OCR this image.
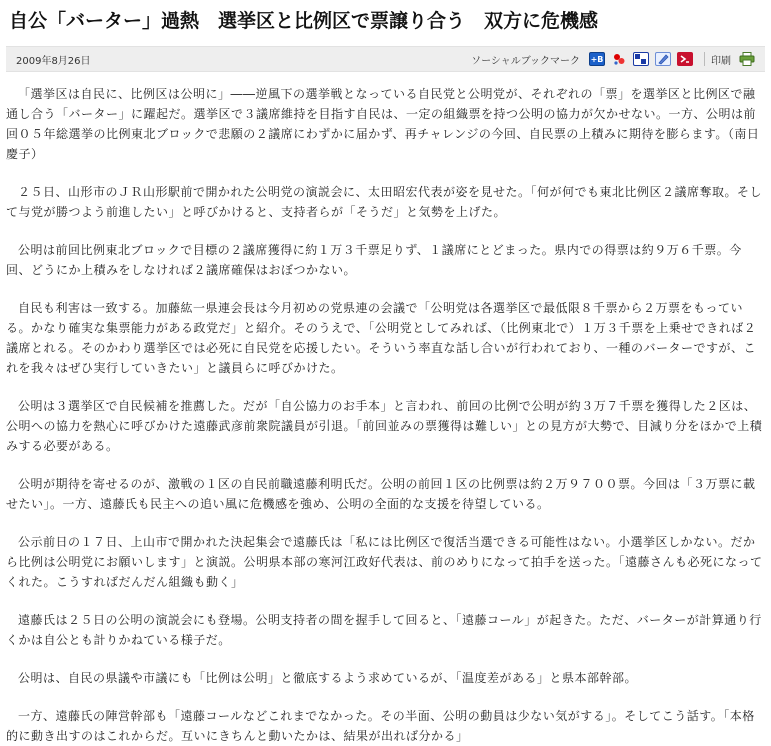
自公「バーター」過熱　選挙区と比例区で票譲り合う　双方に危機感
2009年8月26日	ソーシャルブックマーク +B	印刷

「選挙区は自民に、比例区は公明に」――逆風下の選挙戦となっている自民党と公明党が、それぞれの「票」を選挙区と比例区で融通し合う「バーター」に躍起だ。選挙区で３議席維持を目指す自民は、一定の組織票を持つ公明の協力が欠かせない。一方、公明は前回０５年総選挙の比例東北ブロックで悲願の２議席にわずかに届かず、再チャレンジの今回、自民票の上積みに期待を膨らます。（南日慶子）

２５日、山形市のＪＲ山形駅前で開かれた公明党の演説会に、太田昭宏代表が姿を見せた。「何が何でも東北比例区２議席奪取。そして与党が勝つよう前進したい」と呼びかけると、支持者らが「そうだ」と気勢を上げた。

公明は前回比例東北ブロックで目標の２議席獲得に約１万３千票足りず、１議席にとどまった。県内での得票は約９万６千票。今回、どうにか上積みをしなければ２議席確保はおぼつかない。

自民も利害は一致する。加藤紘一県連会長は今月初めの党県連の会議で「公明党は各選挙区で最低限８千票から２万票をもっている。かなり確実な集票能力がある政党だ」と紹介。そのうえで、「公明党としてみれば、（比例東北で）１万３千票を上乗せできれば２議席とれる。そのかわり選挙区では必死に自民党を応援したい。そういう率直な話し合いが行われており、一種のバーターですが、これを我々はぜひ実行していきたい」と議員らに呼びかけた。

公明は３選挙区で自民候補を推薦した。だが「自公協力のお手本」と言われ、前回の比例で公明が約３万７千票を獲得した２区は、公明への協力を熱心に呼びかけた遠藤武彦前衆院議員が引退。「前回並みの票獲得は難しい」との見方が大勢で、目減り分をほかで上積みする必要がある。

公明が期待を寄せるのが、激戦の１区の自民前職遠藤利明氏だ。公明の前回１区の比例票は約２万９７００票。今回は「３万票に載せたい」。一方、遠藤氏も民主への追い風に危機感を強め、公明の全面的な支援を待望している。

公示前日の１７日、上山市で開かれた決起集会で遠藤氏は「私には比例区で復活当選できる可能性はない。小選挙区しかない。だから比例は公明党にお願いします」と演説。公明県本部の寒河江政好代表は、前のめりになって拍手を送った。「遠藤さんも必死になってくれた。こうすればだんだん組織も動く」

遠藤氏は２５日の公明の演説会にも登場。公明支持者の間を握手して回ると、「遠藤コール」が起きた。ただ、バーターが計算通り行くかは自公とも計りかねている様子だ。

公明は、自民の県議や市議にも「比例は公明」と徹底するよう求めているが、「温度差がある」と県本部幹部。

一方、遠藤氏の陣営幹部も「遠藤コールなどこれまでなかった。その半面、公明の動員は少ない気がする」。そしてこう話す。「本格的に動き出すのはこれからだ。互いにきちんと動いたかは、結果が出れば分かる」
